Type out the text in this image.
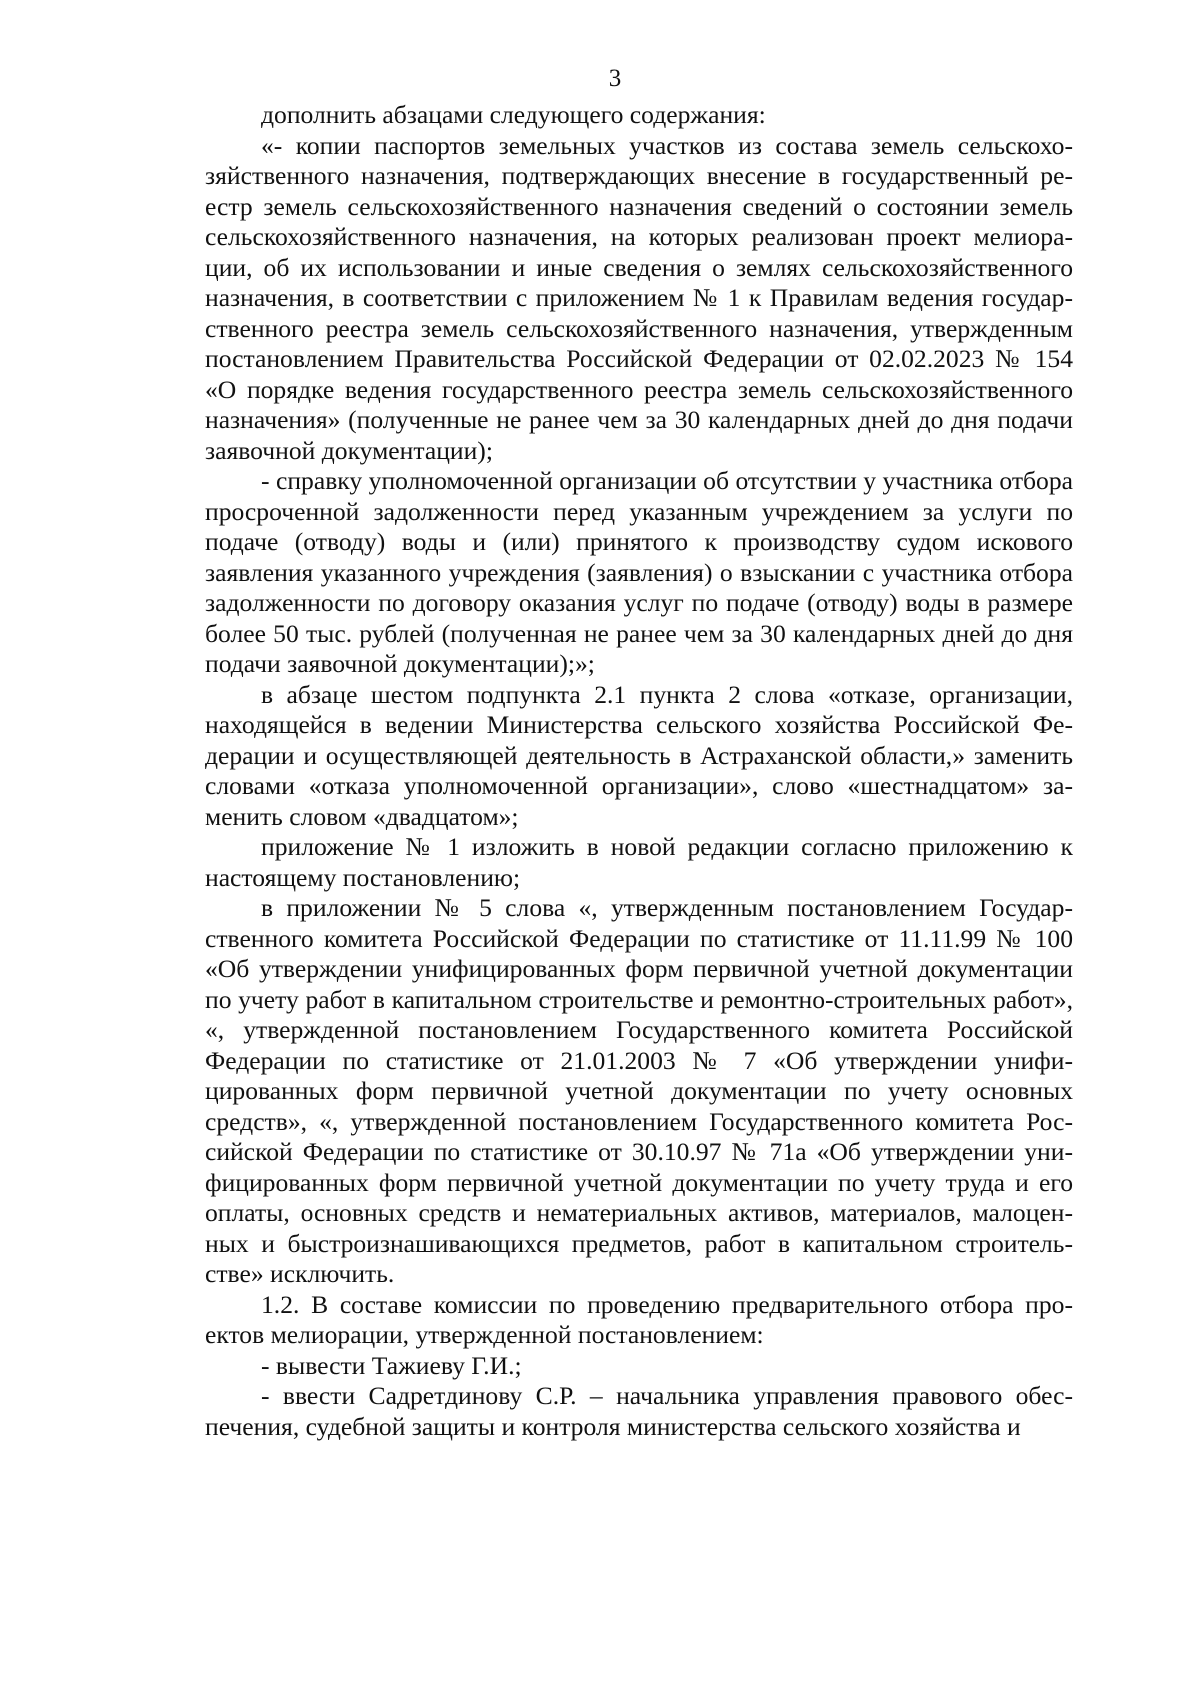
3

дополнить абзацами следующего содержания:

«- копии паспортов земельных участков из состава земель сельскохозяйственного назначения, подтверждающих внесение в государственный реестр земель сельскохозяйственного назначения сведений о состоянии земель сельскохозяйственного назначения, на которых реализован проект мелиорации, об их использовании и иные сведения о землях сельскохозяйственного назначения, в соответствии с приложением № 1 к Правилам ведения государственного реестра земель сельскохозяйственного назначения, утвержденным постановлением Правительства Российской Федерации от 02.02.2023 № 154 «О порядке ведения государственного реестра земель сельскохозяйственного назначения» (полученные не ранее чем за 30 календарных дней до дня подачи заявочной документации);

- справку уполномоченной организации об отсутствии у участника отбора просроченной задолженности перед указанным учреждением за услуги по подаче (отводу) воды и (или) принятого к производству судом искового заявления указанного учреждения (заявления) о взыскании с участника отбора задолженности по договору оказания услуг по подаче (отводу) воды в размере более 50 тыс. рублей (полученная не ранее чем за 30 календарных дней до дня подачи заявочной документации);»;

в абзаце шестом подпункта 2.1 пункта 2 слова «отказе, организации, находящейся в ведении Министерства сельского хозяйства Российской Федерации и осуществляющей деятельность в Астраханской области,» заменить словами «отказа уполномоченной организации», слово «шестнадцатом» заменить словом «двадцатом»;

приложение № 1 изложить в новой редакции согласно приложению к настоящему постановлению;

в приложении № 5 слова «, утвержденным постановлением Государственного комитета Российской Федерации по статистике от 11.11.99 № 100 «Об утверждении унифицированных форм первичной учетной документации по учету работ в капитальном строительстве и ремонтно-строительных работ», «, утвержденной постановлением Государственного комитета Российской Федерации по статистике от 21.01.2003 № 7 «Об утверждении унифицированных форм первичной учетной документации по учету основных средств», «, утвержденной постановлением Государственного комитета Российской Федерации по статистике от 30.10.97 № 71а «Об утверждении унифицированных форм первичной учетной документации по учету труда и его оплаты, основных средств и нематериальных активов, материалов, малоценных и быстроизнашивающихся предметов, работ в капитальном строительстве» исключить.

1.2. В составе комиссии по проведению предварительного отбора проектов мелиорации, утвержденной постановлением:

- вывести Тажиеву Г.И.;

- ввести Садретдинову С.Р. – начальника управления правового обеспечения, судебной защиты и контроля министерства сельского хозяйства и
